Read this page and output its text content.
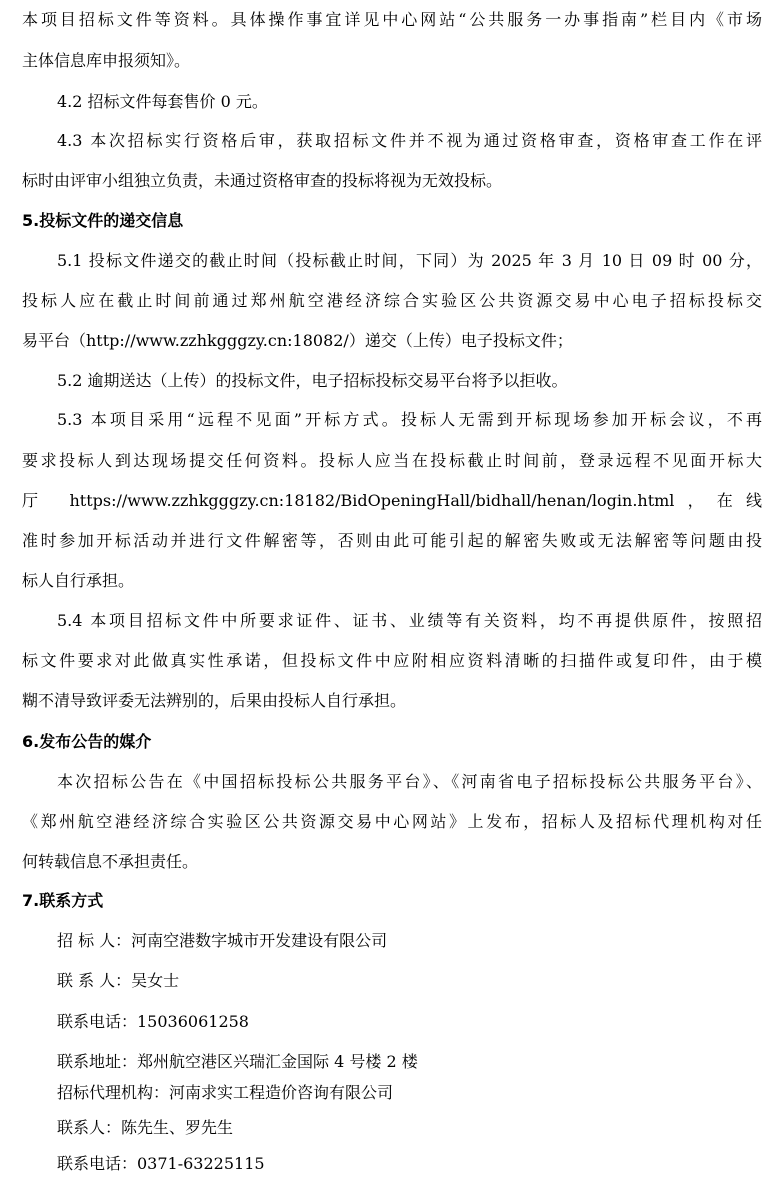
本项目招标文件等资料。具体操作事宜详见中心网站“公共服务一办事指南”栏目内《市场
主体信息库申报须知》。
4.2 招标文件每套售价 0 元。
4.3 本次招标实行资格后审，获取招标文件并不视为通过资格审查，资格审查工作在评
标时由评审小组独立负责，未通过资格审查的投标将视为无效投标。
5.投标文件的递交信息
5.1 投标文件递交的截止时间（投标截止时间，下同）为 2025 年 3 月 10 日 09 时 00 分，
投标人应在截止时间前通过郑州航空港经济综合实验区公共资源交易中心电子招标投标交
易平台（http://www.zzhkgggzy.cn:18082/）递交（上传）电子投标文件；
5.2 逾期送达（上传）的投标文件，电子招标投标交易平台将予以拒收。
5.3 本项目采用“远程不见面”开标方式。投标人无需到开标现场参加开标会议，不再
要求投标人到达现场提交任何资料。投标人应当在投标截止时间前，登录远程不见面开标大
厅 https://www.zzhkgggzy.cn:18182/BidOpeningHall/bidhall/henan/login.html，在线
准时参加开标活动并进行文件解密等，否则由此可能引起的解密失败或无法解密等问题由投
标人自行承担。
5.4 本项目招标文件中所要求证件、证书、业绩等有关资料，均不再提供原件，按照招
标文件要求对此做真实性承诺，但投标文件中应附相应资料清晰的扫描件或复印件，由于模
糊不清导致评委无法辨别的，后果由投标人自行承担。
6.发布公告的媒介
本次招标公告在《中国招标投标公共服务平台》、《河南省电子招标投标公共服务平台》、
《郑州航空港经济综合实验区公共资源交易中心网站》上发布，招标人及招标代理机构对任
何转载信息不承担责任。
7.联系方式
招 标 人：河南空港数字城市开发建设有限公司
联 系 人：吴女士
联系电话：15036061258
联系地址：郑州航空港区兴瑞汇金国际 4 号楼 2 楼
招标代理机构：河南求实工程造价咨询有限公司
联系人：陈先生、罗先生
联系电话：0371-63225115
